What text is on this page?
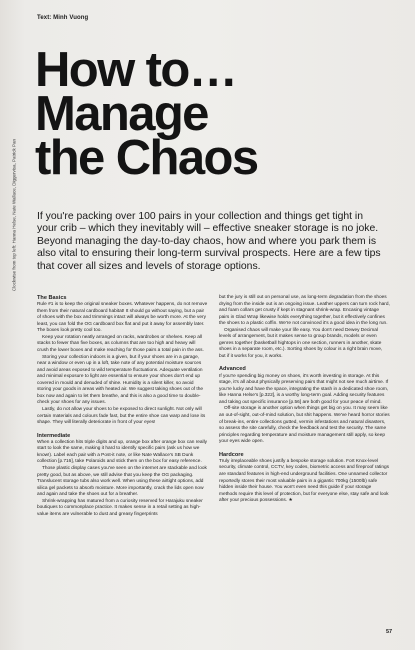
Text: Minh Vuong
Clockwise from top left: Hanna Helse, Nate Wallace, Diggervisa, Patrick Pan
How to…
Manage
the Chaos

If you're packing over 100 pairs in your collection and things get tight in your crib – which they inevitably will – effective sneaker storage is no joke. Beyond managing the day-to-day chaos, how and where you park them is also vital to ensuring their long-term survival prospects. Here are a few tips that cover all sizes and levels of storage options.

The Basics

Rule #1 is to keep the original sneaker boxes. Whatever happens, do not remove them from their natural cardboard habitat! It should go without saying, but a pair of shoes with the box and trimmings intact will always be worth more. At the very least, you can fold the OG cardboard box flat and put it away for assembly later. The boxes look pretty cool too.

Keep your rotation neatly arranged on racks, wardrobes or shelves. Keep all stacks to fewer than five boxes, as columns that are too high and heavy will crush the lower boxes and make reaching for those pairs a total pain in the ass.

Storing your collection indoors is a given, but if your shoes are in a garage, near a window or even up in a loft, take note of any potential moisture sources and avoid areas exposed to wild temperature fluctuations. Adequate ventilation and minimal exposure to light are essential to ensure your shoes don't end up covered in mould and denuded of shine. Humidity is a silent killer, so avoid storing your goods in areas with heated air. We suggest taking shoes out of the box now and again to let them breathe, and this is also a good time to double-check your shoes for any issues.

Lastly, do not allow your shoes to be exposed to direct sunlight. Not only will certain materials and colours fade fast, but the entire shoe can warp and lose its shape. They will literally deteriorate in front of your eyes!

Intermediate

When a collection hits triple digits and up, orange box after orange box can really start to look the same, making it hard to identify specific pairs (ask us how we know!). Label each pair with a Post-it note, or like Nate Wallace's SB Dunk collection [p.716], take Polaroids and stick them on the box for easy reference.

Those plastic display cases you've seen on the internet are stackable and look pretty good, but as above, we still advise that you keep the OG packaging. Translucent storage tubs also work well. When using these airtight options, add silica gel packets to absorb moisture. More importantly, crack the lids open now and again and take the shoes out for a breather.

Shrink-wrapping has matured from a curiosity reserved for Harajuku sneaker boutiques to commonplace practice. It makes sense in a retail setting as high-value items are vulnerable to dust and greasy fingerprints

but the jury is still out on personal use, as long-term degradation from the shoes drying from the inside out is an ongoing issue. Leather uppers can turn rock hard, and foam collars get crusty if kept in stagnant shrink-wrap. Encasing vintage pairs in Glad Wrap likewise holds everything together, but it effectively confines the shoes to a plastic coffin. We're not convinced it's a good idea in the long run.

Organised chaos will make your life easy. You don't need Dewey Decimal levels of arrangement, but it makes sense to group brands, models or even genres together (basketball hightops in one section, runners in another, skate shoes in a separate room, etc.). Sorting shoes by colour is a right brain move, but if it works for you, it works.

Advanced

If you're spending big money on shoes, it's worth investing in storage. At this stage, it's all about physically preserving pairs that might not see much airtime. If you're lucky and have the space, integrating the stash in a dedicated shoe room, like Hanna Helse's [p.322], is a worthy long-term goal. Adding security features and taking out specific insurance [p.56] are both good for your peace of mind.

Off-site storage is another option when things get big on you. It may seem like an out-of-sight, out-of-mind solution, but shit happens. We've heard horror stories of break-ins, entire collections gutted, vermin infestations and natural disasters, so assess the site carefully, check the feedback and test the security. The same principles regarding temperature and moisture management still apply, so keep your eyes wide open.

Hardcore

Truly irreplaceable shoes justify a bespoke storage solution. Fort Knox-level security, climate control, CCTV, key codes, biometric access and fireproof ratings are standard features in high-end underground facilities. One unnamed collector reportedly stores their most valuable pairs in a gigantic 700kg (1500lb) safe hidden inside their house. You won't even need this guide if your storage methods require this level of protection, but for everyone else, stay safe and look after your precious possessions. ★

57
